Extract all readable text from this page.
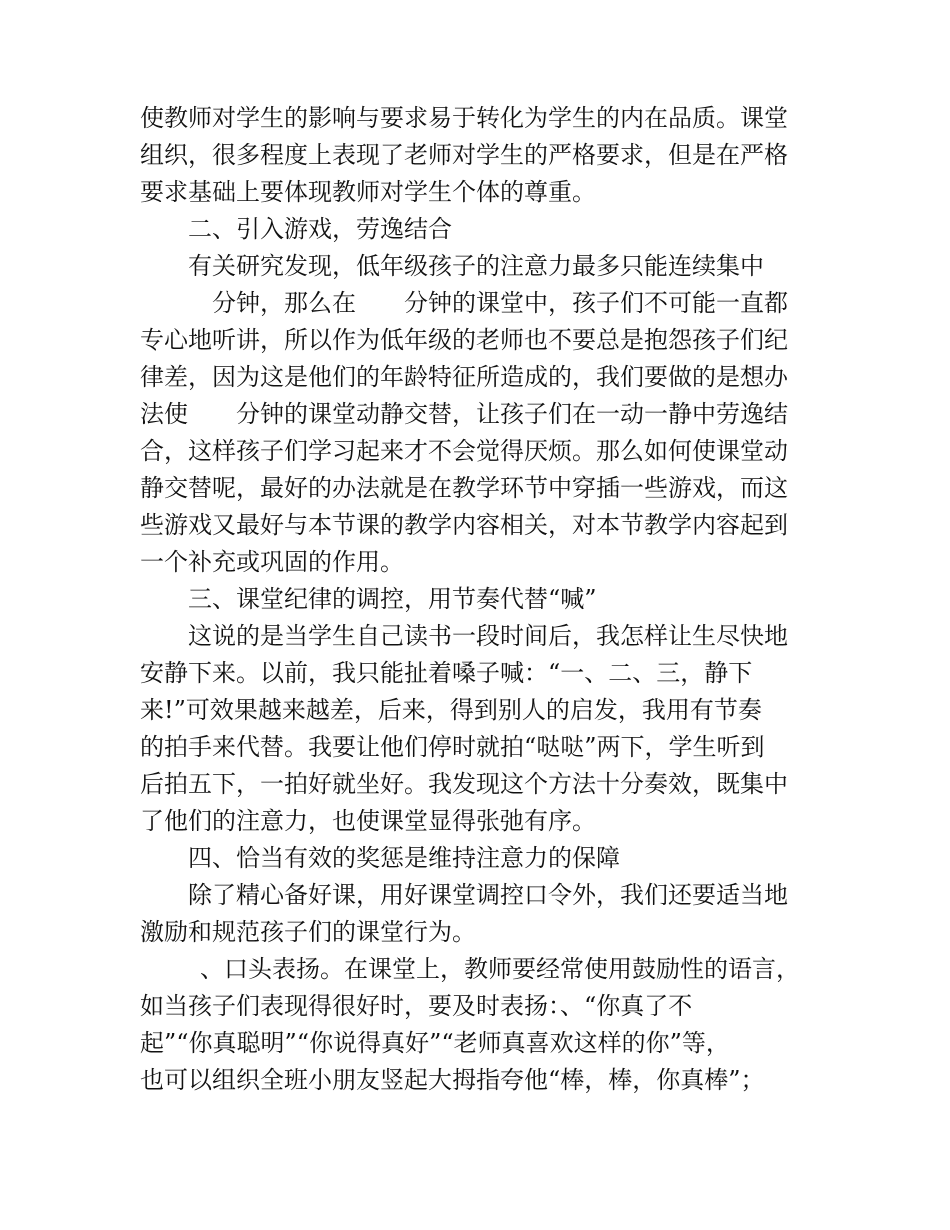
使教师对学生的影响与要求易于转化为学生的内在品质。课堂
组织，很多程度上表现了老师对学生的严格要求，但是在严格
要求基础上要体现教师对学生个体的尊重。
二、引入游戏，劳逸结合
有关研究发现，低年级孩子的注意力最多只能连续集中
　　分钟，那么在　　分钟的课堂中，孩子们不可能一直都
专心地听讲，所以作为低年级的老师也不要总是抱怨孩子们纪
律差，因为这是他们的年龄特征所造成的，我们要做的是想办
法使　　分钟的课堂动静交替，让孩子们在一动一静中劳逸结
合，这样孩子们学习起来才不会觉得厌烦。那么如何使课堂动
静交替呢，最好的办法就是在教学环节中穿插一些游戏，而这
些游戏又最好与本节课的教学内容相关，对本节教学内容起到
一个补充或巩固的作用。
三、课堂纪律的调控，用节奏代替“喊”
这说的是当学生自己读书一段时间后，我怎样让生尽快地
安静下来。以前，我只能扯着嗓子喊：“一、二、三，静下
来!”可效果越来越差，后来，得到别人的启发，我用有节奏
的拍手来代替。我要让他们停时就拍“哒哒”两下，学生听到
后拍五下，一拍好就坐好。我发现这个方法十分奏效，既集中
了他们的注意力，也使课堂显得张弛有序。
四、恰当有效的奖惩是维持注意力的保障
除了精心备好课，用好课堂调控口令外，我们还要适当地
激励和规范孩子们的课堂行为。
、口头表扬。在课堂上，教师要经常使用鼓励性的语言，
如当孩子们表现得很好时，要及时表扬：、“你真了不
起”“你真聪明”“你说得真好”“老师真喜欢这样的你”等，
也可以组织全班小朋友竖起大拇指夸他“棒，棒，你真棒”；
